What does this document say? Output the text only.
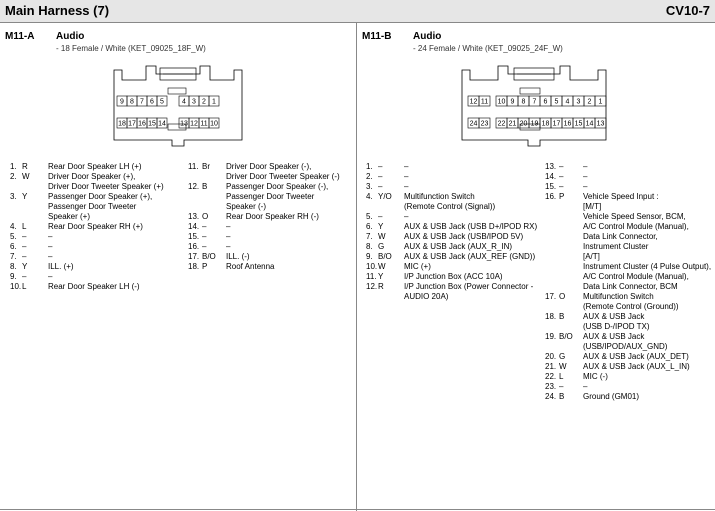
Main Harness (7)	CV10-7
M11-A Audio
- 18 Female / White (KET_09025_18F_W)
9 8 7 6 5	4 3 2 1
18 17 16 15 14 13 12 11 10
1. R	Rear Door Speaker LH (+)
2. W Driver Door Speaker (+),
Driver Door Tweeter Speaker (+)
3. Y	Passenger Door Speaker (+),
Passenger Door Tweeter
Speaker (+)
4. L	Rear Door Speaker RH (+)
5. –	–
6. –	–
7. –	–
8. Y	ILL. (+)
9. –	–
10. L	Rear Door Speaker LH (-)
11. Br Driver Door Speaker (-),
Driver Door Tweeter Speaker (-)
12. B Passenger Door Speaker (-),
Passenger Door Tweeter
Speaker (-)
13. O Rear Door Speaker RH (-)
14. – –
15. – –
16. – –
17. B/O ILL. (-)
18. P Roof Antenna
M11-B Audio
- 24 Female / White (KET_09025_24F_W)
12 11 10 9 8 7 6 5 4 3 2 1
24 23 22 21 20 19 18 17 16 15 14 13
1. –	–
2. –	–
3. –	–
4. Y/O Multifunction Switch
(Remote Control (Signal))
5. –	–
6. Y	AUX & USB Jack (USB D+/IPOD RX)
7. W AUX & USB Jack (USB/IPOD 5V)
8. G AUX & USB Jack (AUX_R_IN)
9. B/O AUX & USB Jack (AUX_REF (GND))
10. W MIC (+)
11. Y	I/P Junction Box (ACC 10A)
12. R	I/P Junction Box (Power Connector -
AUDIO 20A)
13. – –
14. – –
15. – –
16. P Vehicle Speed Input :
[M/T]
Vehicle Speed Sensor, BCM,
A/C Control Module (Manual),
Data Link Connector,
Instrument Cluster
[A/T]
Instrument Cluster (4 Pulse Output),
A/C Control Module (Manual),
Data Link Connector, BCM
17. O Multifunction Switch
(Remote Control (Ground))
18. B AUX & USB Jack
(USB D-/IPOD TX)
19. B/O AUX & USB Jack
(USB/IPOD/AUX_GND)
20. G AUX & USB Jack (AUX_DET)
21. W AUX & USB Jack (AUX_L_IN)
22. L MIC (-)
23. – –
24. B Ground (GM01)
